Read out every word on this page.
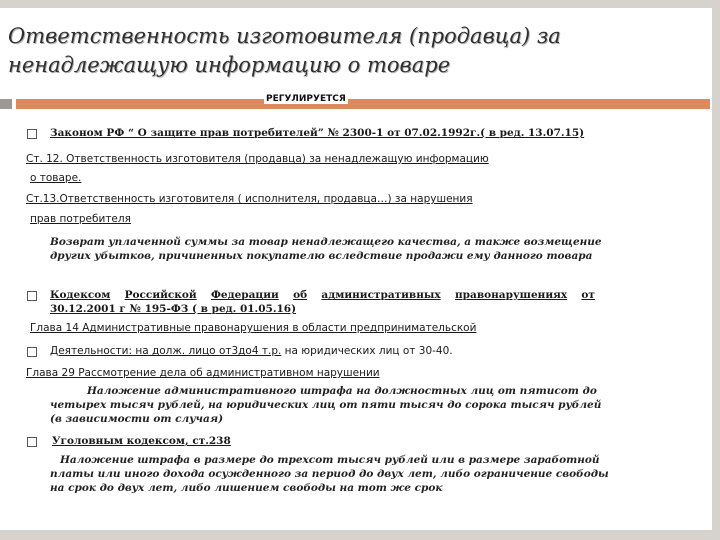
Ответственность изготовителя (продавца) за
ненадлежащую информацию о товаре
РЕГУЛИРУЕТСЯ
Законом РФ “ О защите прав потребителей” № 2300-1 от 07.02.1992г.( в ред. 13.07.15)
Ст. 12. Ответственность изготовителя (продавца) за ненадлежащую информацию
о товаре.
Ст.13.Ответственность изготовителя ( исполнителя, продавца…) за нарушения
прав потребителя
Возврат уплаченной суммы за товар ненадлежащего качества, а также возмещение
других убытков, причиненных покупателю вследствие продажи ему данного товара
Кодексом Российской Федерации об административных правонарушениях от
30.12.2001 г № 195-ФЗ ( в ред. 01.05.16)
Глава 14 Административные правонарушения в области предпринимательской
Деятельности: на долж. лицо от3до4 т.р. на юридических лиц от 30-40.
Глава 29 Рассмотрение дела об административном нарушении
Наложение административного штрафа на должностных лиц от пятисот до
четырех тысяч рублей, на юридических лиц от пяти тысяч до сорока тысяч рублей
(в зависимости от случая)
Уголовным кодексом, ст.238
Наложение штрафа в размере до трехсот тысяч рублей или в размере заработной
платы или иного дохода осужденного за период до двух лет, либо ограничение свободы
на срок до двух лет, либо лишением свободы на тот же срок
